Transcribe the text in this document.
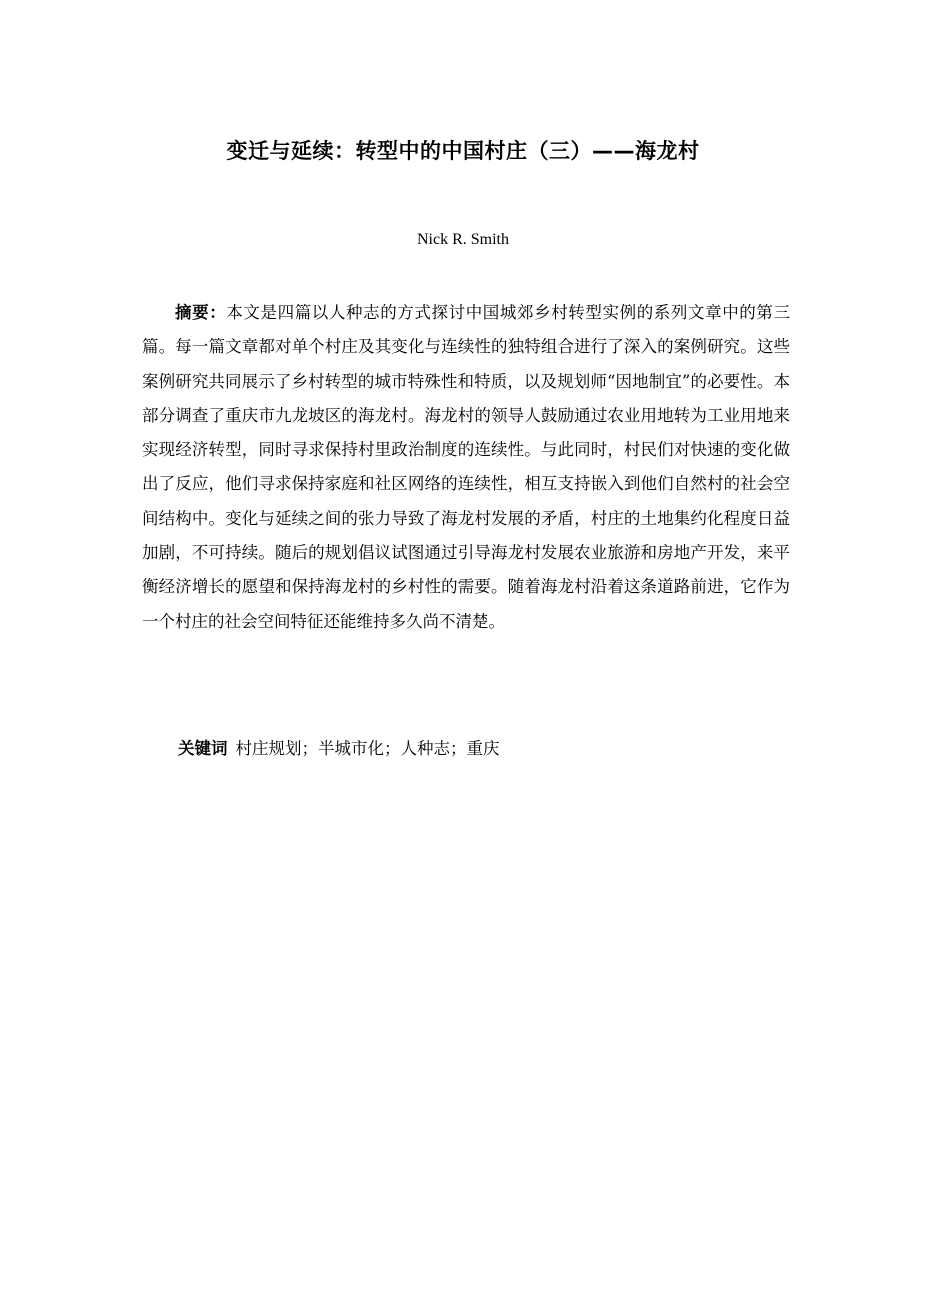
变迁与延续：转型中的中国村庄（三）——海龙村
Nick R. Smith

摘要：本文是四篇以人种志的方式探讨中国城郊乡村转型实例的系列文章中的第三篇。每一篇文章都对单个村庄及其变化与连续性的独特组合进行了深入的案例研究。这些案例研究共同展示了乡村转型的城市特殊性和特质，以及规划师“因地制宜”的必要性。本部分调查了重庆市九龙坡区的海龙村。海龙村的领导人鼓励通过农业用地转为工业用地来实现经济转型，同时寻求保持村里政治制度的连续性。与此同时，村民们对快速的变化做出了反应，他们寻求保持家庭和社区网络的连续性，相互支持嵌入到他们自然村的社会空间结构中。变化与延续之间的张力导致了海龙村发展的矛盾，村庄的土地集约化程度日益加剧，不可持续。随后的规划倡议试图通过引导海龙村发展农业旅游和房地产开发，来平衡经济增长的愿望和保持海龙村的乡村性的需要。随着海龙村沿着这条道路前进，它作为一个村庄的社会空间特征还能维持多久尚不清楚。

关键词 村庄规划；半城市化；人种志；重庆
